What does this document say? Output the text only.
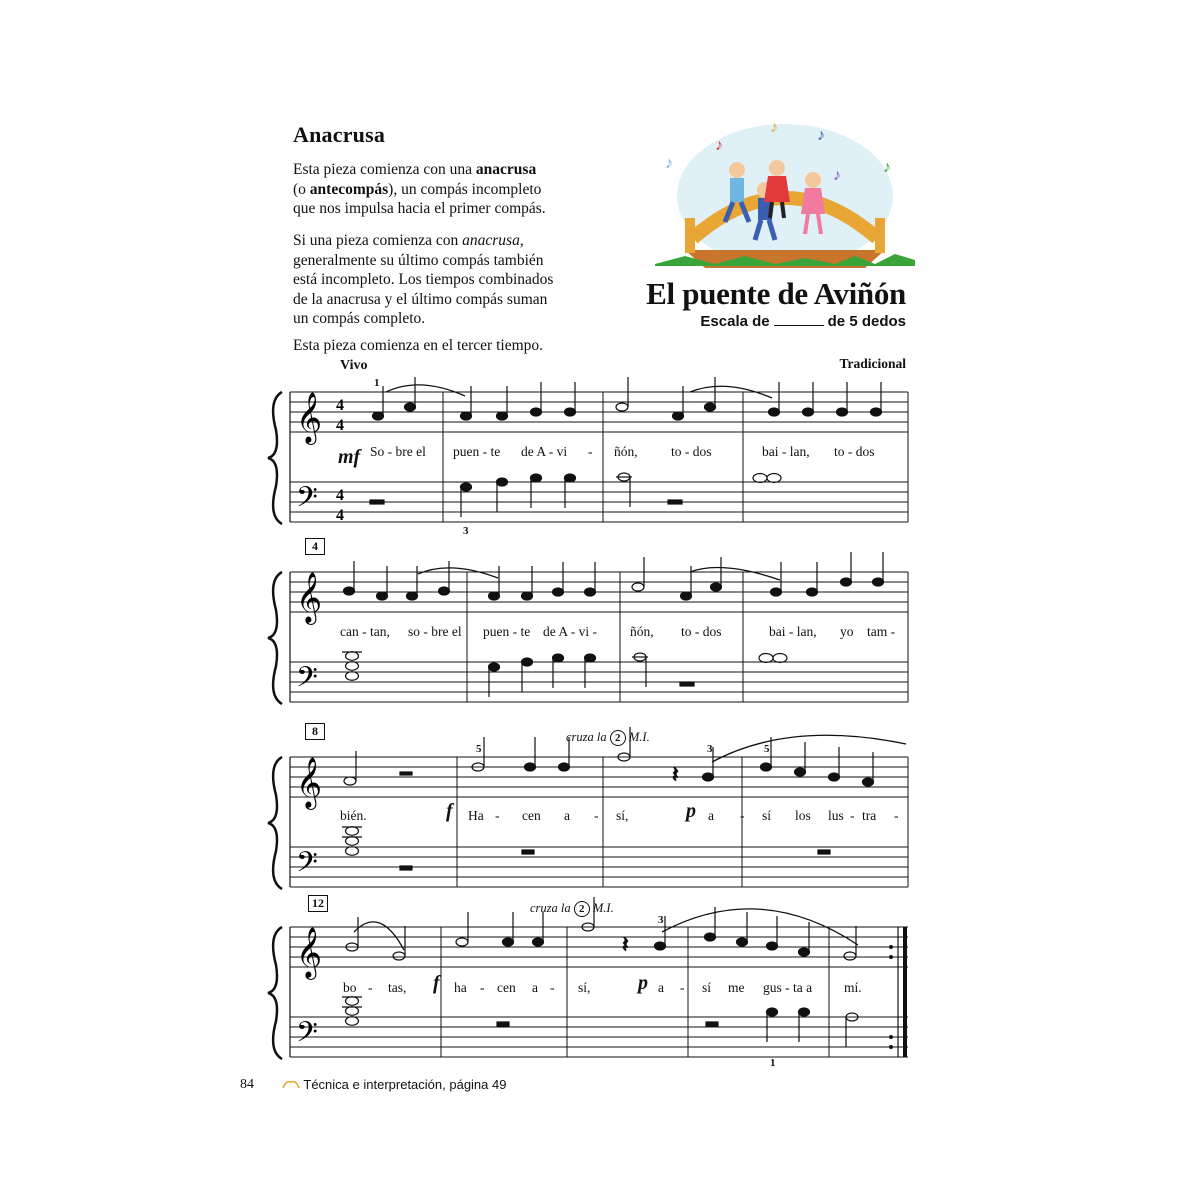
Anacrusa
Esta pieza comienza con una anacrusa
(o antecompás), un compás incompleto
que nos impulsa hacia el primer compás.
Si una pieza comienza con anacrusa,
generalmente su último compás también
está incompleto. Los tiempos combinados
de la anacrusa y el último compás suman
un compás completo.
Esta pieza comienza en el tercer tiempo.
♪
♪
♪ ♪
♪	♪
El puente de Aviñón
Escala de	de 5 dedos
Vivo	Tradicional
𝄞
𝄢
4
4
4
4
𝄞
𝄢
𝄞
𝄢
𝄽
𝄞
𝄢
𝄽
mf
1
3
So - bre el puen - te de A - vi - ñón, to - dos	bai - lan, to - dos
4
can - tan, so - bre el puen - te de A - vi - ñón, to - dos	bai - lan, yo tam -
8	cruza la 2 M.I.
5	3	5
f	p
bién.	Ha - cen a - sí,	a - sí los lus - tra -
12	cruza la 2 M.I.
3
1
f	p
bo - tas,	ha - cen a - sí,	a - sí me gus - ta a mí.
84	Técnica e interpretación, página 49
